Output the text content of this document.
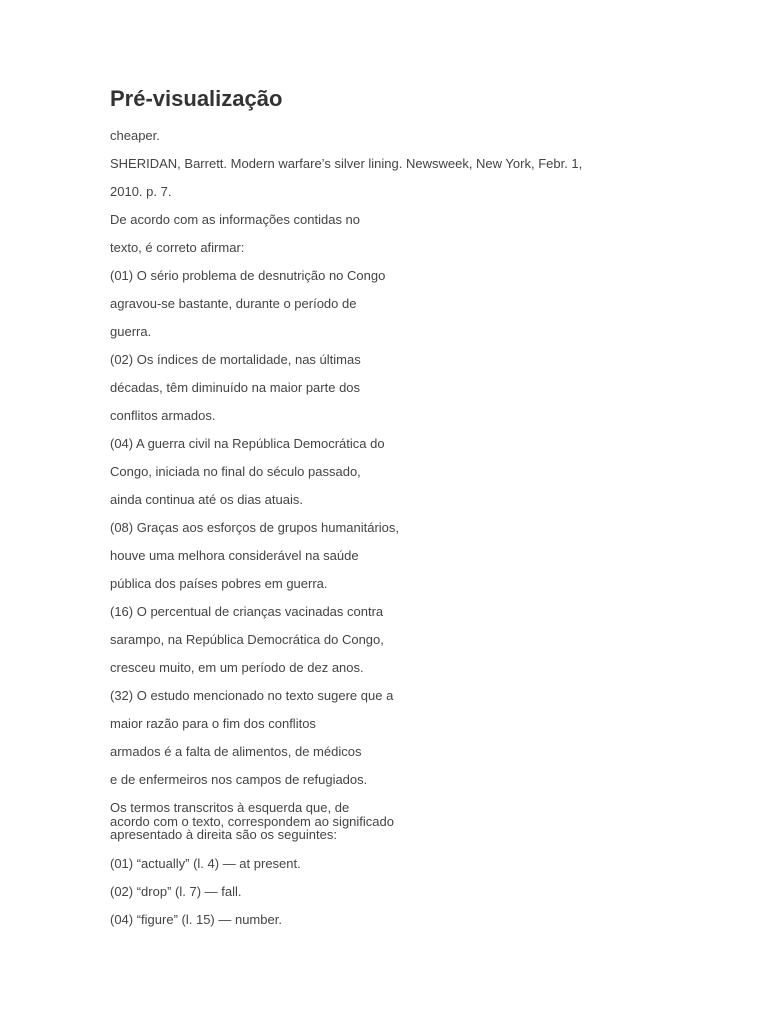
Pré-visualização

cheaper.

SHERIDAN, Barrett. Modern warfare’s silver lining. Newsweek, New York, Febr. 1,

2010. p. 7.

De acordo com as informações contidas no

texto, é correto afirmar:

(01) O sério problema de desnutrição no Congo

agravou-se bastante, durante o período de

guerra.

(02) Os índices de mortalidade, nas últimas

décadas, têm diminuído na maior parte dos

conflitos armados.

(04) A guerra civil na República Democrática do

Congo, iniciada no final do século passado,

ainda continua até os dias atuais.

(08) Graças aos esforços de grupos humanitários,

houve uma melhora considerável na saúde

pública dos países pobres em guerra.

(16) O percentual de crianças vacinadas contra

sarampo, na República Democrática do Congo,

cresceu muito, em um período de dez anos.

(32) O estudo mencionado no texto sugere que a

maior razão para o fim dos conflitos

armados é a falta de alimentos, de médicos

e de enfermeiros nos campos de refugiados.

Os termos transcritos à esquerda que, de

acordo com o texto, correspondem ao significado

apresentado à direita são os seguintes:

(01) “actually” (l. 4) — at present.

(02) “drop” (l. 7) — fall.

(04) “figure” (l. 15) — number.
